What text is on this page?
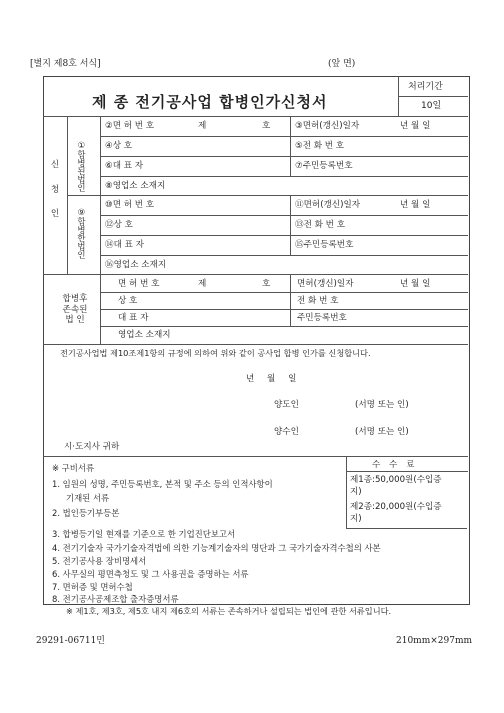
[별지 제8호 서식]	(앞 면)
제 종 전기공사업 합병인가신청서
처리기간
10일
신
청
인
①합병된법인
⑨합병한법인
②면 허 번 호	제	호	③면허(갱신)일자	년 월 일
④상 호	⑤전 화 번 호
⑥대 표 자	⑦주민등록번호
⑧영업소 소재지
⑩면 허 번 호	⑪면허(갱신)일자	년 월 일
⑫상 호	⑬전 화 번 호
⑭대 표 자	⑮주민등록번호
⑯영업소 소재지
합병후
존속된
법 인
면 허 번 호	제	호	면허(갱신)일자	년 월 일
상 호	전 화 번 호
대 표 자	주민등록번호
영업소 소재지
전기공사업법 제10조제1항의 규정에 의하여 위와 같이 공사업 합병 인가를 신청합니다.
년 월 일
양도인	(서명 또는 인)
양수인	(서명 또는 인)
시·도지사 귀하
※ 구비서류
1. 임원의 성명, 주민등록번호, 본적 및 주소 등의 인적사항이
기재된 서류
2. 법인등기부등본
3. 합병등기일 현재를 기준으로 한 기업진단보고서
4. 전기기술자 국가기술자격법에 의한 기능계기술자의 명단과 그 국가기술자격수첩의 사본
5. 전기공사용 장비명세서
6. 사무실의 평면측청도 및 그 사용권을 증명하는 서류
7. 면허증 및 면허수첩
8. 전기공사공제조합 출자증명서류
※ 제1호, 제3호, 제5호 내지 제6호의 서류는 존속하거나 설립되는 법인에 관한 서류입니다.
수 수 료
제1종:50,000원(수입증
지)
제2종:20,000원(수입증
지)
29291-06711민	210mm×297mm
